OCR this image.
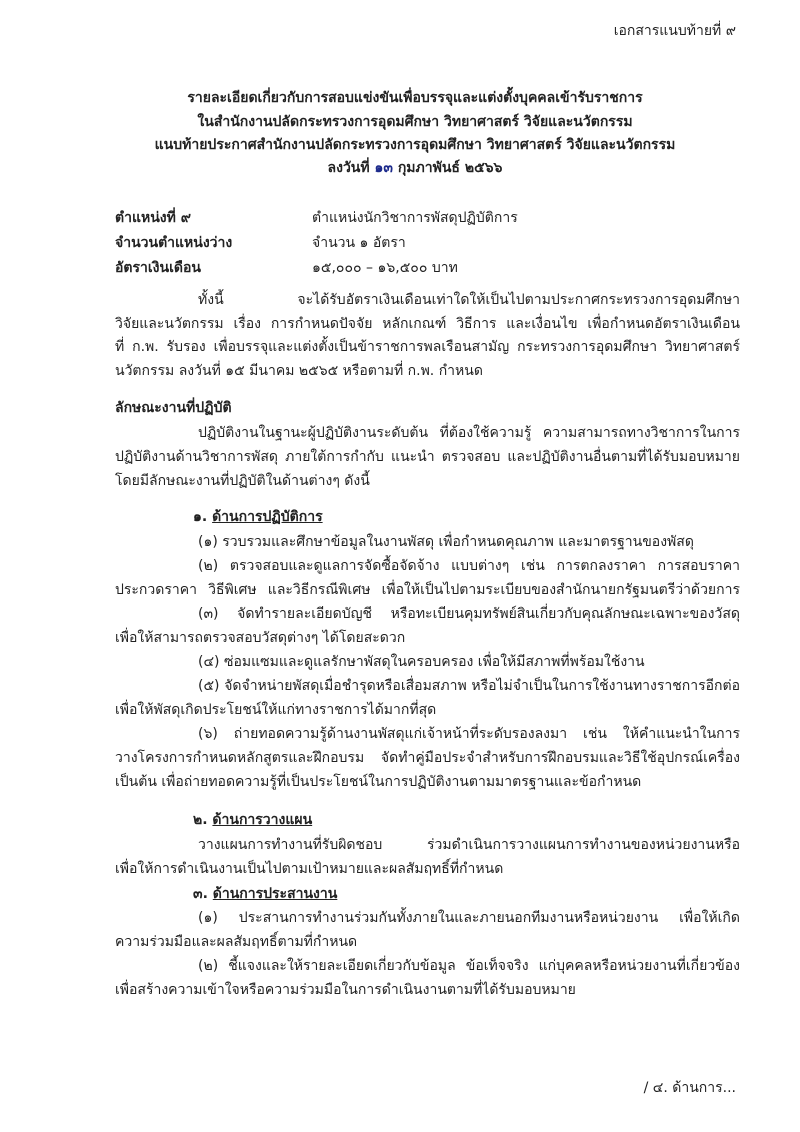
เอกสารแนบท้ายที่ ๙
รายละเอียดเกี่ยวกับการสอบแข่งขันเพื่อบรรจุและแต่งตั้งบุคคลเข้ารับราชการ
ในสำนักงานปลัดกระทรวงการอุดมศึกษา วิทยาศาสตร์ วิจัยและนวัตกรรม
แนบท้ายประกาศสำนักงานปลัดกระทรวงการอุดมศึกษา วิทยาศาสตร์ วิจัยและนวัตกรรม
ลงวันที่ ๑๓ กุมภาพันธ์ ๒๕๖๖
ตำแหน่งที่ ๙	ตำแหน่งนักวิชาการพัสดุปฏิบัติการ
จำนวนตำแหน่งว่าง	จำนวน ๑ อัตรา
อัตราเงินเดือน	๑๕,๐๐๐ – ๑๖,๕๐๐ บาท
ทั้งนี้ จะได้รับอัตราเงินเดือนเท่าใดให้เป็นไปตามประกาศกระทรวงการอุดมศึกษา
วิจัยและนวัตกรรม เรื่อง การกำหนดปัจจัย หลักเกณฑ์ วิธีการ และเงื่อนไข เพื่อกำหนดอัตราเงินเดือน
ที่ ก.พ. รับรอง เพื่อบรรจุและแต่งตั้งเป็นข้าราชการพลเรือนสามัญ กระทรวงการอุดมศึกษา วิทยาศาสตร์
นวัตกรรม ลงวันที่ ๑๕ มีนาคม ๒๕๖๕ หรือตามที่ ก.พ. กำหนด
ลักษณะงานที่ปฏิบัติ
ปฏิบัติงานในฐานะผู้ปฏิบัติงานระดับต้น ที่ต้องใช้ความรู้ ความสามารถทางวิชาการในการ
ปฏิบัติงานด้านวิชาการพัสดุ ภายใต้การกำกับ แนะนำ ตรวจสอบ และปฏิบัติงานอื่นตามที่ได้รับมอบหมาย
โดยมีลักษณะงานที่ปฏิบัติในด้านต่างๆ ดังนี้
๑. ด้านการปฏิบัติการ
(๑) รวบรวมและศึกษาข้อมูลในงานพัสดุ เพื่อกำหนดคุณภาพ และมาตรฐานของพัสดุ
(๒) ตรวจสอบและดูแลการจัดซื้อจัดจ้าง แบบต่างๆ เช่น การตกลงราคา การสอบราคา
ประกวดราคา วิธีพิเศษ และวิธีกรณีพิเศษ เพื่อให้เป็นไปตามระเบียบของสำนักนายกรัฐมนตรีว่าด้วยการ
(๓) จัดทำรายละเอียดบัญชี หรือทะเบียนคุมทรัพย์สินเกี่ยวกับคุณลักษณะเฉพาะของวัสดุ
เพื่อให้สามารถตรวจสอบวัสดุต่างๆ ได้โดยสะดวก
(๔) ซ่อมแซมและดูแลรักษาพัสดุในครอบครอง เพื่อให้มีสภาพที่พร้อมใช้งาน
(๕) จัดจำหน่ายพัสดุเมื่อชำรุดหรือเสื่อมสภาพ หรือไม่จำเป็นในการใช้งานทางราชการอีกต่อ
เพื่อให้พัสดุเกิดประโยชน์ให้แก่ทางราชการได้มากที่สุด
(๖) ถ่ายทอดความรู้ด้านงานพัสดุแก่เจ้าหน้าที่ระดับรองลงมา เช่น ให้คำแนะนำในการ
วางโครงการกำหนดหลักสูตรและฝึกอบรม จัดทำคู่มือประจำสำหรับการฝึกอบรมและวิธีใช้อุปกรณ์เครื่อง
เป็นต้น เพื่อถ่ายทอดความรู้ที่เป็นประโยชน์ในการปฏิบัติงานตามมาตรฐานและข้อกำหนด
๒. ด้านการวางแผน
วางแผนการทำงานที่รับผิดชอบ ร่วมดำเนินการวางแผนการทำงานของหน่วยงานหรือ
เพื่อให้การดำเนินงานเป็นไปตามเป้าหมายและผลสัมฤทธิ์ที่กำหนด
๓. ด้านการประสานงาน
(๑) ประสานการทำงานร่วมกันทั้งภายในและภายนอกทีมงานหรือหน่วยงาน เพื่อให้เกิด
ความร่วมมือและผลสัมฤทธิ์ตามที่กำหนด
(๒) ชี้แจงและให้รายละเอียดเกี่ยวกับข้อมูล ข้อเท็จจริง แก่บุคคลหรือหน่วยงานที่เกี่ยวข้อง
เพื่อสร้างความเข้าใจหรือความร่วมมือในการดำเนินงานตามที่ได้รับมอบหมาย
/ ๔. ด้านการ...
